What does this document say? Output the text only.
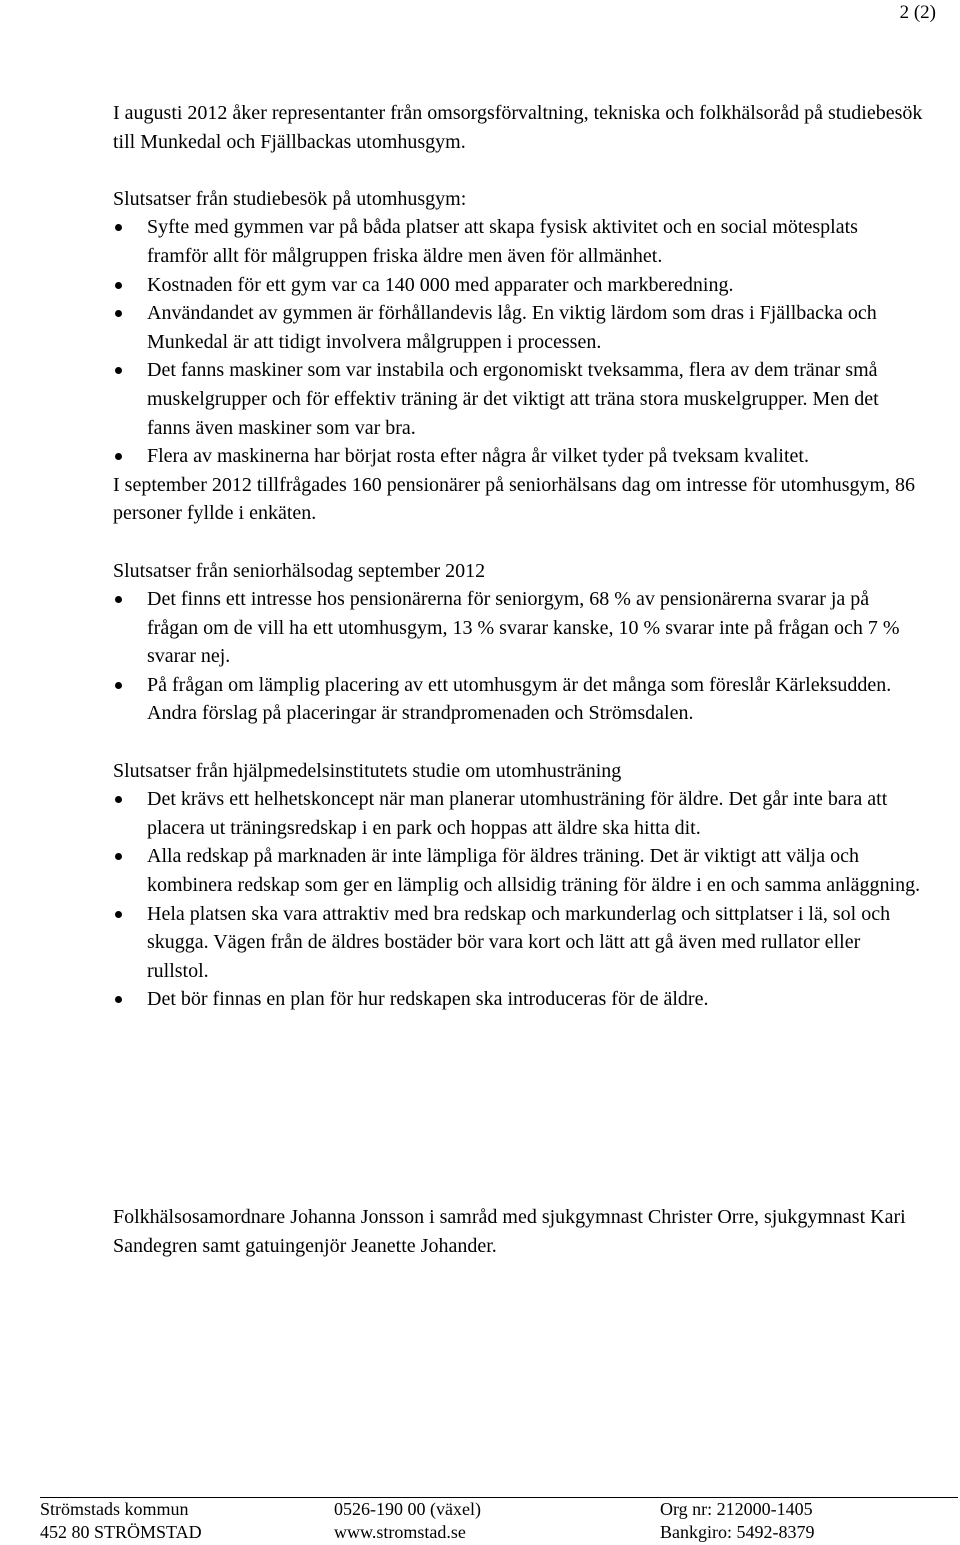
2 (2)

I augusti 2012 åker representanter från omsorgsförvaltning, tekniska och folkhälsoråd på studiebesök till Munkedal och Fjällbackas utomhusgym.

Slutsatser från studiebesök på utomhusgym:

Syfte med gymmen var på båda platser att skapa fysisk aktivitet och en social mötesplats framför allt för målgruppen friska äldre men även för allmänhet.
Kostnaden för ett gym var ca 140 000 med apparater och markberedning.
Användandet av gymmen är förhållandevis låg. En viktig lärdom som dras i Fjällbacka och Munkedal är att tidigt involvera målgruppen i processen.
Det fanns maskiner som var instabila och ergonomiskt tveksamma, flera av dem tränar små muskelgrupper och för effektiv träning är det viktigt att träna stora muskelgrupper. Men det fanns även maskiner som var bra.
Flera av maskinerna har börjat rosta efter några år vilket tyder på tveksam kvalitet.

I september 2012 tillfrågades 160 pensionärer på seniorhälsans dag om intresse för utomhusgym, 86 personer fyllde i enkäten.

Slutsatser från seniorhälsodag september 2012

Det finns ett intresse hos pensionärerna för seniorgym, 68 % av pensionärerna svarar ja på frågan om de vill ha ett utomhusgym, 13 % svarar kanske, 10 % svarar inte på frågan och 7 % svarar nej.
På frågan om lämplig placering av ett utomhusgym är det många som föreslår Kärleksudden. Andra förslag på placeringar är strandpromenaden och Strömsdalen.

Slutsatser från hjälpmedelsinstitutets studie om utomhusträning

Det krävs ett helhetskoncept när man planerar utomhusträning för äldre. Det går inte bara att placera ut träningsredskap i en park och hoppas att äldre ska hitta dit.
Alla redskap på marknaden är inte lämpliga för äldres träning. Det är viktigt att välja och kombinera redskap som ger en lämplig och allsidig träning för äldre i en och samma anläggning.
Hela platsen ska vara attraktiv med bra redskap och markunderlag och sittplatser i lä, sol och skugga. Vägen från de äldres bostäder bör vara kort och lätt att gå även med rullator eller rullstol.
Det bör finnas en plan för hur redskapen ska introduceras för de äldre.

Folkhälsosamordnare Johanna Jonsson i samråd med sjukgymnast Christer Orre, sjukgymnast Kari Sandegren samt gatuingenjör Jeanette Johander.

Strömstads kommun	0526-190 00 (växel)	Org nr: 212000-1405
452 80 STRÖMSTAD	www.stromstad.se	Bankgiro: 5492-8379
